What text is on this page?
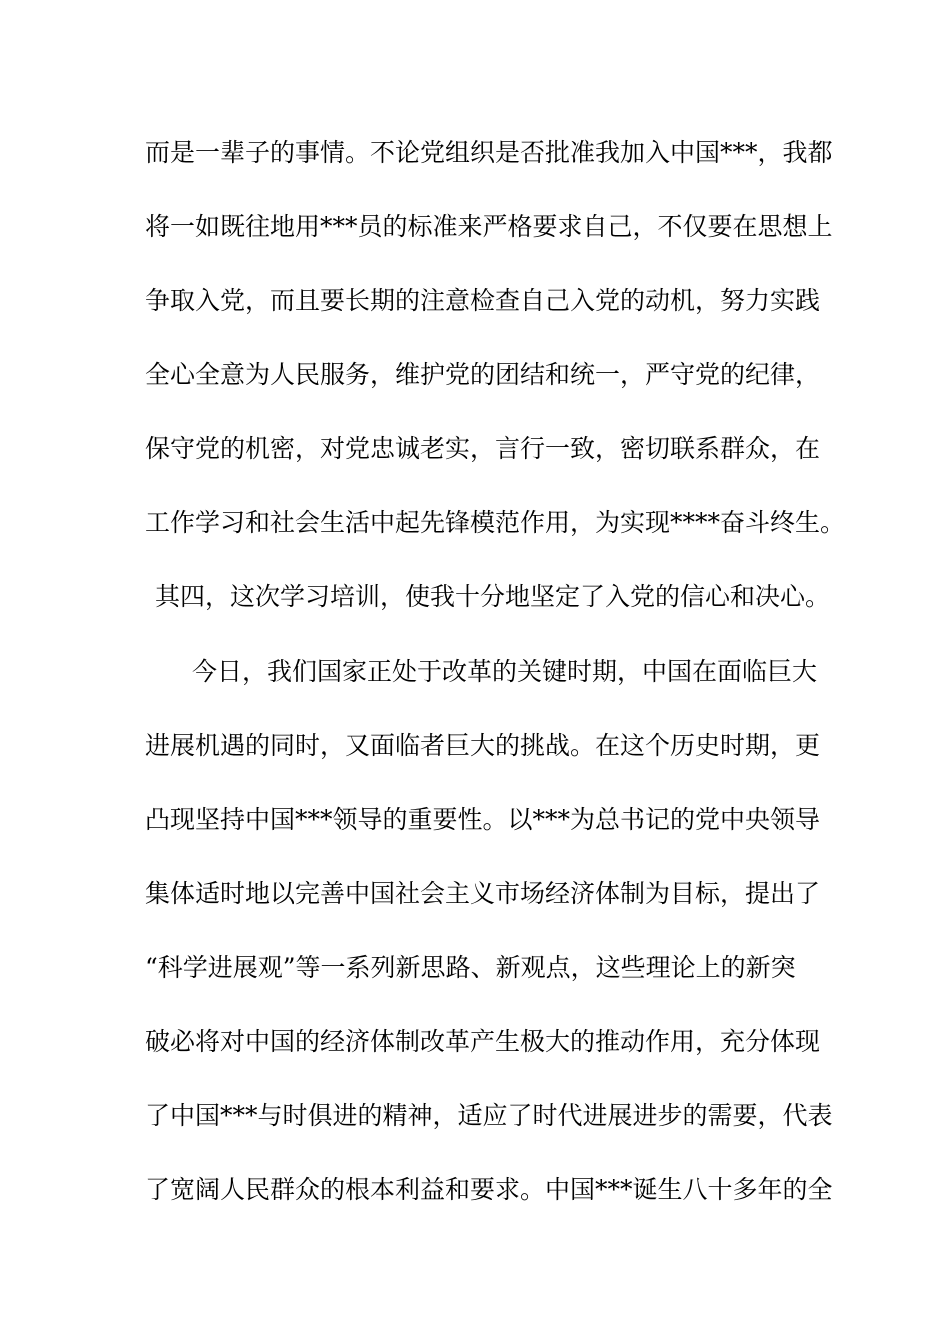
而是一辈子的事情。不论党组织是否批准我加入中国***，我都
将一如既往地用***员的标准来严格要求自己，不仅要在思想上
争取入党，而且要长期的注意检查自己入党的动机，努力实践
全心全意为人民服务，维护党的团结和统一，严守党的纪律，
保守党的机密，对党忠诚老实，言行一致，密切联系群众，在
工作学习和社会生活中起先锋模范作用，为实现****奋斗终生。
其四，这次学习培训，使我十分地坚定了入党的信心和决心。
今日，我们国家正处于改革的关键时期，中国在面临巨大
进展机遇的同时，又面临者巨大的挑战。在这个历史时期，更
凸现坚持中国***领导的重要性。以***为总书记的党中央领导
集体适时地以完善中国社会主义市场经济体制为目标，提出了
“科学进展观”等一系列新思路、新观点，这些理论上的新突
破必将对中国的经济体制改革产生极大的推动作用，充分体现
了中国***与时俱进的精神，适应了时代进展进步的需要，代表
了宽阔人民群众的根本利益和要求。中国***诞生八十多年的全
